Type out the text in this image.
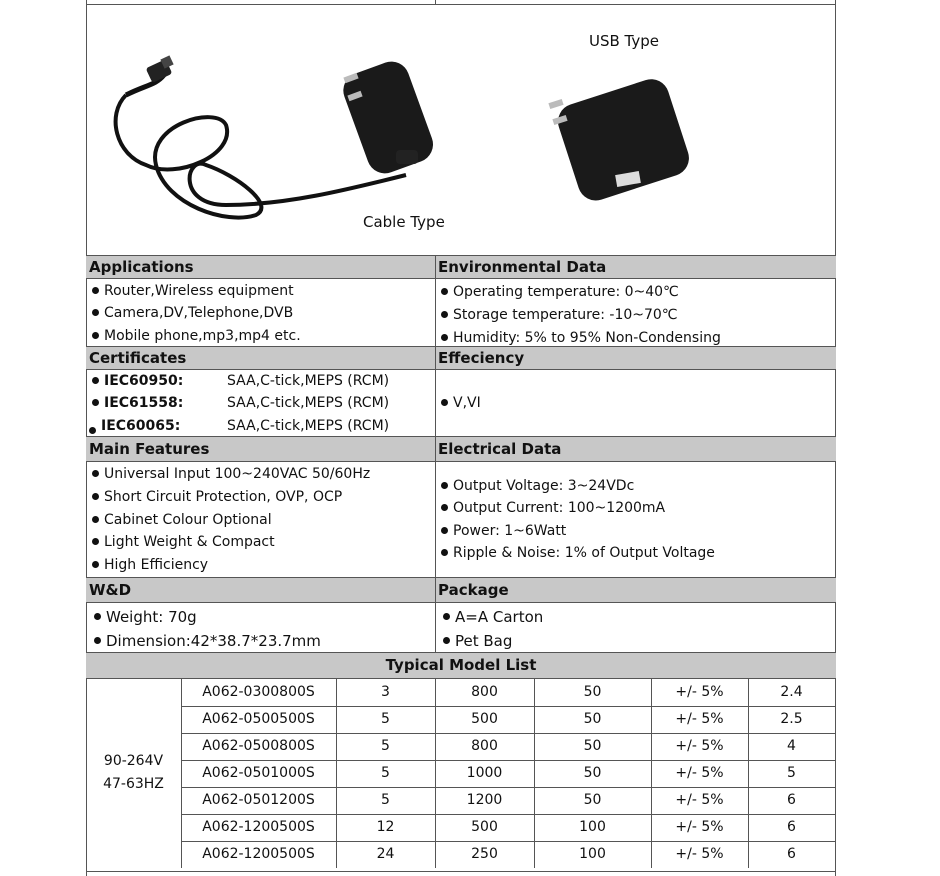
USB Type
Cable Type
Applications
Router,Wireless equipment
Camera,DV,Telephone,DVB
Mobile phone,mp3,mp4 etc.
Environmental Data
Operating temperature: 0~40℃
Storage temperature: -10~70℃
Humidity: 5% to 95% Non-Condensing
Certificates
IEC60950:	SAA,C-tick,MEPS (RCM)
IEC61558:	SAA,C-tick,MEPS (RCM)
IEC60065:	SAA,C-tick,MEPS (RCM)
Effeciency
V,VI
Main Features
Universal Input 100~240VAC 50/60Hz
Short Circuit Protection, OVP, OCP
Cabinet Colour Optional
Light Weight & Compact
High Efficiency
Electrical Data
Output Voltage: 3~24VDc
Output Current: 100~1200mA
Power: 1~6Watt
Ripple & Noise: 1% of Output Voltage
W&D
Weight: 70g
Dimension:42*38.7*23.7mm
Package
A=A Carton
Pet Bag
Typical Model List
90-264V
47-63HZ
A062-0300800S	3	800	50	+/- 5%	2.4
A062-0500500S	5	500	50	+/- 5%	2.5
A062-0500800S	5	800	50	+/- 5%	4
A062-0501000S	5	1000	50	+/- 5%	5
A062-0501200S	5	1200	50	+/- 5%	6
A062-1200500S	12	500	100	+/- 5%	6
A062-1200500S	24	250	100	+/- 5%	6
